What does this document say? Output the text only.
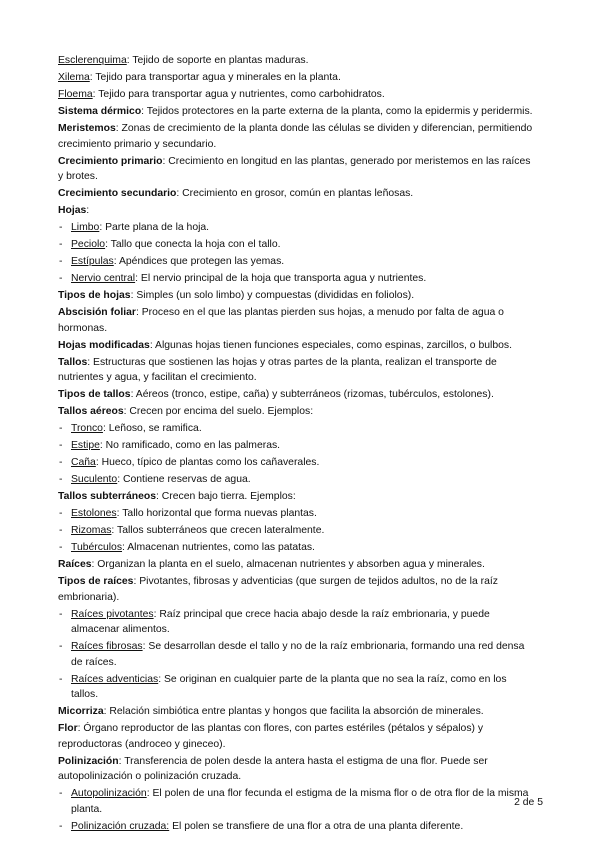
Esclerenquima: Tejido de soporte en plantas maduras.
Xilema: Tejido para transportar agua y minerales en la planta.
Floema: Tejido para transportar agua y nutrientes, como carbohidratos.
Sistema dérmico: Tejidos protectores en la parte externa de la planta, como la epidermis y peridermis.
Meristemos: Zonas de crecimiento de la planta donde las células se dividen y diferencian, permitiendo crecimiento primario y secundario.
Crecimiento primario: Crecimiento en longitud en las plantas, generado por meristemos en las raíces y brotes.
Crecimiento secundario: Crecimiento en grosor, común en plantas leñosas.
Hojas:
- Limbo: Parte plana de la hoja.
- Peciolo: Tallo que conecta la hoja con el tallo.
- Estípulas: Apéndices que protegen las yemas.
- Nervio central: El nervio principal de la hoja que transporta agua y nutrientes.
Tipos de hojas: Simples (un solo limbo) y compuestas (divididas en foliolos).
Abscisión foliar: Proceso en el que las plantas pierden sus hojas, a menudo por falta de agua o hormonas.
Hojas modificadas: Algunas hojas tienen funciones especiales, como espinas, zarcillos, o bulbos.
Tallos: Estructuras que sostienen las hojas y otras partes de la planta, realizan el transporte de nutrientes y agua, y facilitan el crecimiento.
Tipos de tallos: Aéreos (tronco, estipe, caña) y subterráneos (rizomas, tubérculos, estolones).
Tallos aéreos: Crecen por encima del suelo. Ejemplos:
- Tronco: Leñoso, se ramifica.
- Estipe: No ramificado, como en las palmeras.
- Caña: Hueco, típico de plantas como los cañaverales.
- Suculento: Contiene reservas de agua.
Tallos subterráneos: Crecen bajo tierra. Ejemplos:
- Estolones: Tallo horizontal que forma nuevas plantas.
- Rizomas: Tallos subterráneos que crecen lateralmente.
- Tubérculos: Almacenan nutrientes, como las patatas.
Raíces: Organizan la planta en el suelo, almacenan nutrientes y absorben agua y minerales.
Tipos de raíces: Pivotantes, fibrosas y adventicias (que surgen de tejidos adultos, no de la raíz embrionaria).
- Raíces pivotantes: Raíz principal que crece hacia abajo desde la raíz embrionaria, y puede almacenar alimentos.
- Raíces fibrosas: Se desarrollan desde el tallo y no de la raíz embrionaria, formando una red densa de raíces.
- Raíces adventicias: Se originan en cualquier parte de la planta que no sea la raíz, como en los tallos.
Micorriza: Relación simbiótica entre plantas y hongos que facilita la absorción de minerales.
Flor: Órgano reproductor de las plantas con flores, con partes estériles (pétalos y sépalos) y reproductoras (androceo y gineceo).
Polinización: Transferencia de polen desde la antera hasta el estigma de una flor. Puede ser autopolinización o polinización cruzada.
- Autopolinización: El polen de una flor fecunda el estigma de la misma flor o de otra flor de la misma planta.
- Polinización cruzada: El polen se transfiere de una flor a otra de una planta diferente.
2 de 5
